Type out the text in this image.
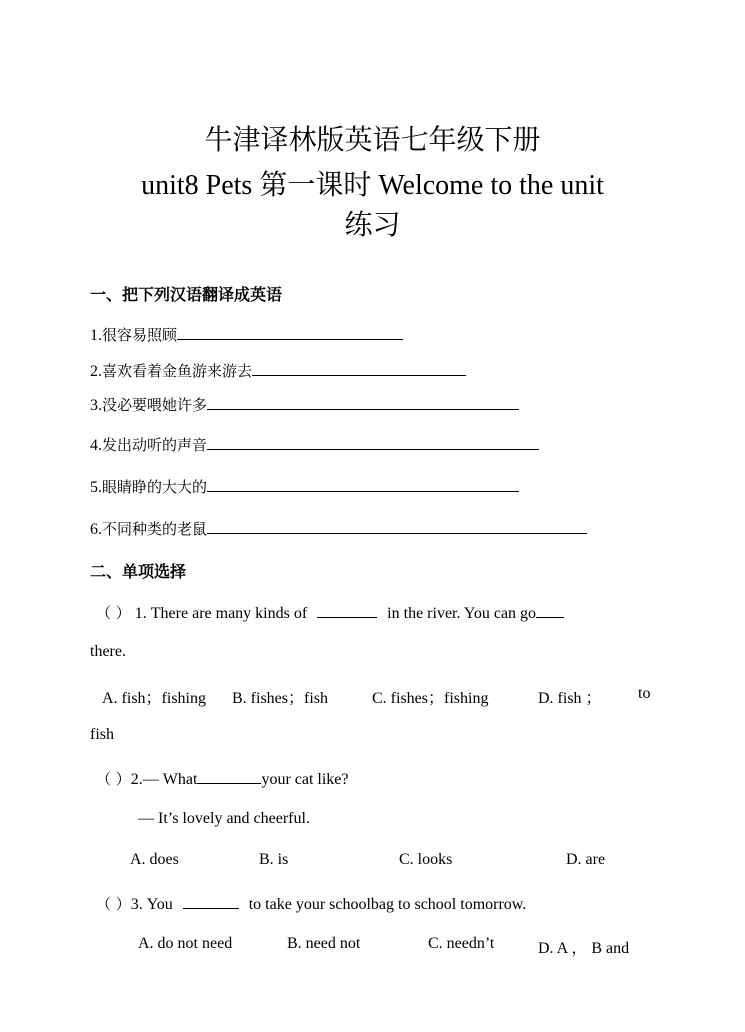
牛津译林版英语七年级下册
unit8 Pets 第一课时 Welcome to the unit
练习
一、把下列汉语翻译成英语
1.很容易照顾
2.喜欢看着金鱼游来游去
3.没必要喂她许多
4.发出动听的声音
5.眼睛睁的大大的
6.不同种类的老鼠
二、单项选择
（ ） 1. There are many kinds of	in the river. You can go
there.
A. fish；fishing B. fishes；fish	C. fishes；fishing	D. fish ； to
fish
（ ）2.— What	your cat like?
— It’s lovely and cheerful.
A. does	B. is	C. looks	D. are
（ ）3. You	to take your schoolbag to school tomorrow.
A. do not need	B. need not	C. needn’t	D. A ， B and
